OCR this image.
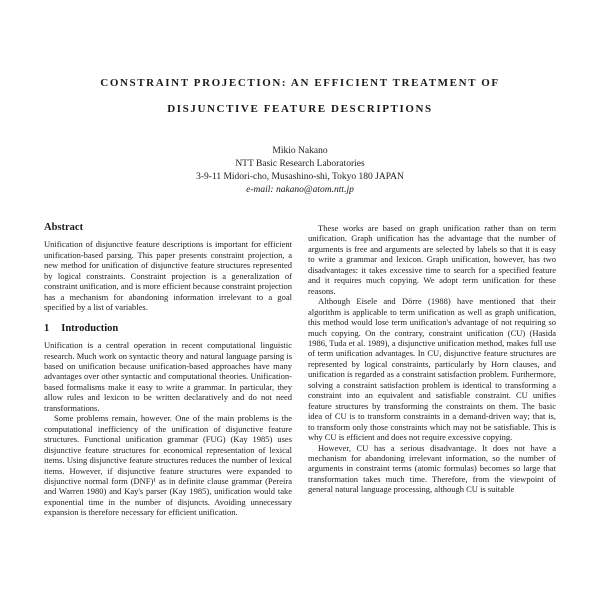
CONSTRAINT PROJECTION: AN EFFICIENT TREATMENT OF
DISJUNCTIVE FEATURE DESCRIPTIONS
Mikio Nakano
NTT Basic Research Laboratories
3-9-11 Midori-cho, Musashino-shi, Tokyo 180 JAPAN
e-mail: nakano@atom.ntt.jp
Abstract

Unification of disjunctive feature descriptions is important for efficient unification-based parsing. This paper presents constraint projection, a new method for unification of disjunctive feature structures represented by logical constraints. Constraint projection is a generalization of constraint unification, and is more efficient because constraint projection has a mechanism for abandoning information irrelevant to a goal specified by a list of variables.

1 Introduction

Unification is a central operation in recent computational linguistic research. Much work on syntactic theory and natural language parsing is based on unification because unification-based approaches have many advantages over other syntactic and computational theories. Unification-based formalisms make it easy to write a grammar. In particular, they allow rules and lexicon to be written declaratively and do not need transformations.

Some problems remain, however. One of the main problems is the computational inefficiency of the unification of disjunctive feature structures. Functional unification grammar (FUG) (Kay 1985) uses disjunctive feature structures for economical representation of lexical items. Using disjunctive feature structures reduces the number of lexical items. However, if disjunctive feature structures were expanded to disjunctive normal form (DNF)¹ as in definite clause grammar (Pereira and Warren 1980) and Kay's parser (Kay 1985), unification would take exponential time in the number of disjuncts. Avoiding unnecessary expansion is therefore necessary for efficient unification.

These works are based on graph unification rather than on term unification. Graph unification has the advantage that the number of arguments is free and arguments are selected by labels so that it is easy to write a grammar and lexicon. Graph unification, however, has two disadvantages: it takes excessive time to search for a specified feature and it requires much copying. We adopt term unification for these reasons.

Although Eisele and Dörre (1988) have mentioned that their algorithm is applicable to term unification as well as graph unification, this method would lose term unification's advantage of not requiring so much copying. On the contrary, constraint unification (CU) (Hasida 1986, Tuda et al. 1989), a disjunctive unification method, makes full use of term unification advantages. In CU, disjunctive feature structures are represented by logical constraints, particularly by Horn clauses, and unification is regarded as a constraint satisfaction problem. Furthermore, solving a constraint satisfaction problem is identical to transforming a constraint into an equivalent and satisfiable constraint. CU unifies feature structures by transforming the constraints on them. The basic idea of CU is to transform constraints in a demand-driven way; that is, to transform only those constraints which may not be satisfiable. This is why CU is efficient and does not require excessive copying.

However, CU has a serious disadvantage. It does not have a mechanism for abandoning irrelevant information, so the number of arguments in constraint terms (atomic formulas) becomes so large that transformation takes much time. Therefore, from the viewpoint of general natural language processing, although CU is suitable
